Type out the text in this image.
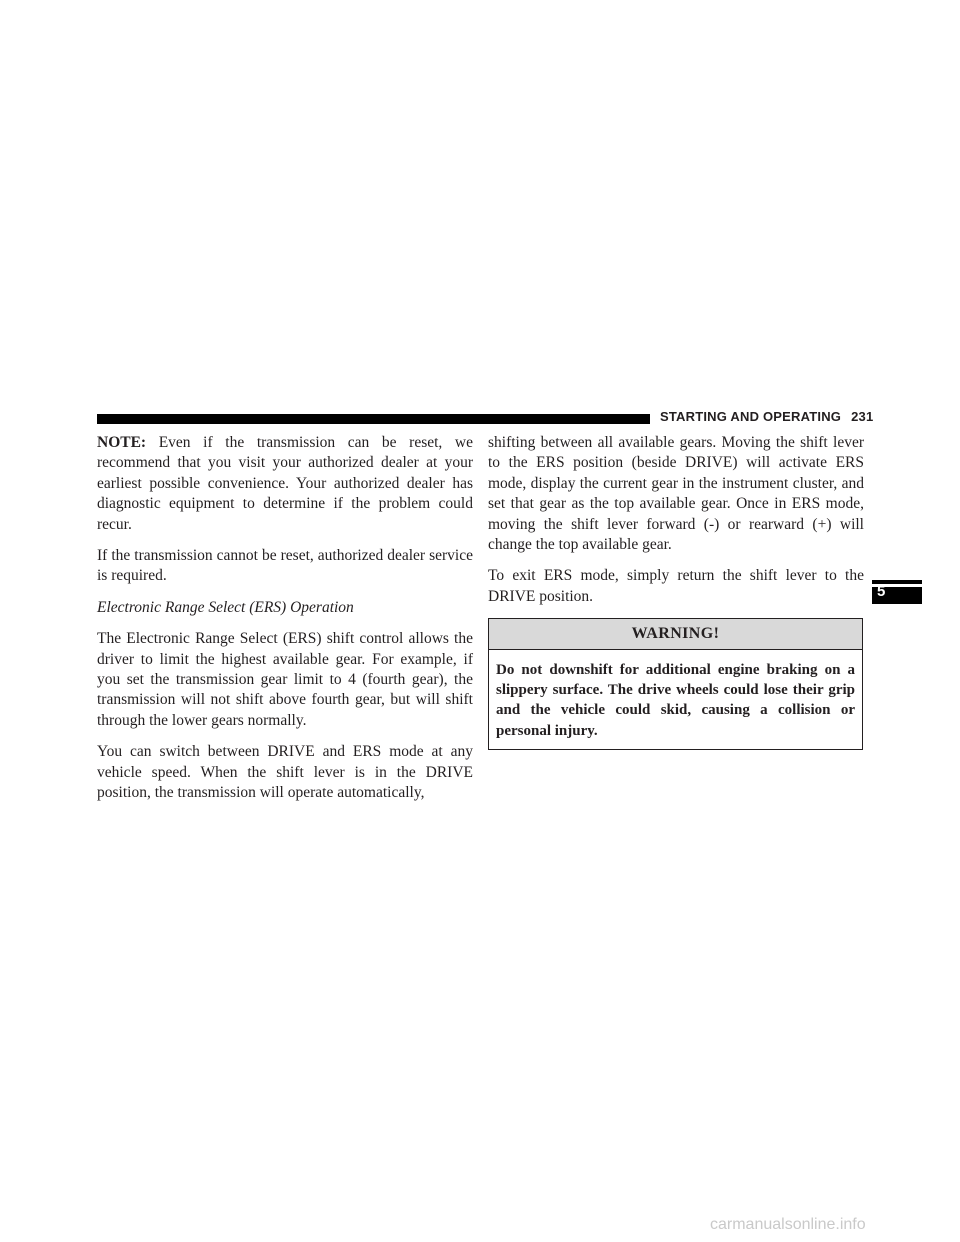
STARTING AND OPERATING 231

NOTE: Even if the transmission can be reset, we recommend that you visit your authorized dealer at your earliest possible convenience. Your authorized dealer has diagnostic equipment to determine if the problem could recur.

If the transmission cannot be reset, authorized dealer service is required.

Electronic Range Select (ERS) Operation

The Electronic Range Select (ERS) shift control allows the driver to limit the highest available gear. For example, if you set the transmission gear limit to 4 (fourth gear), the transmission will not shift above fourth gear, but will shift through the lower gears normally.

You can switch between DRIVE and ERS mode at any vehicle speed. When the shift lever is in the DRIVE position, the transmission will operate automatically,

shifting between all available gears. Moving the shift lever to the ERS position (beside DRIVE) will activate ERS mode, display the current gear in the instrument cluster, and set that gear as the top available gear. Once in ERS mode, moving the shift lever forward (-) or rearward (+) will change the top available gear.

To exit ERS mode, simply return the shift lever to the DRIVE position.

WARNING!
Do not downshift for additional engine braking on a slippery surface. The drive wheels could lose their grip and the vehicle could skid, causing a collision or personal injury.
5
carmanualsonline.info
